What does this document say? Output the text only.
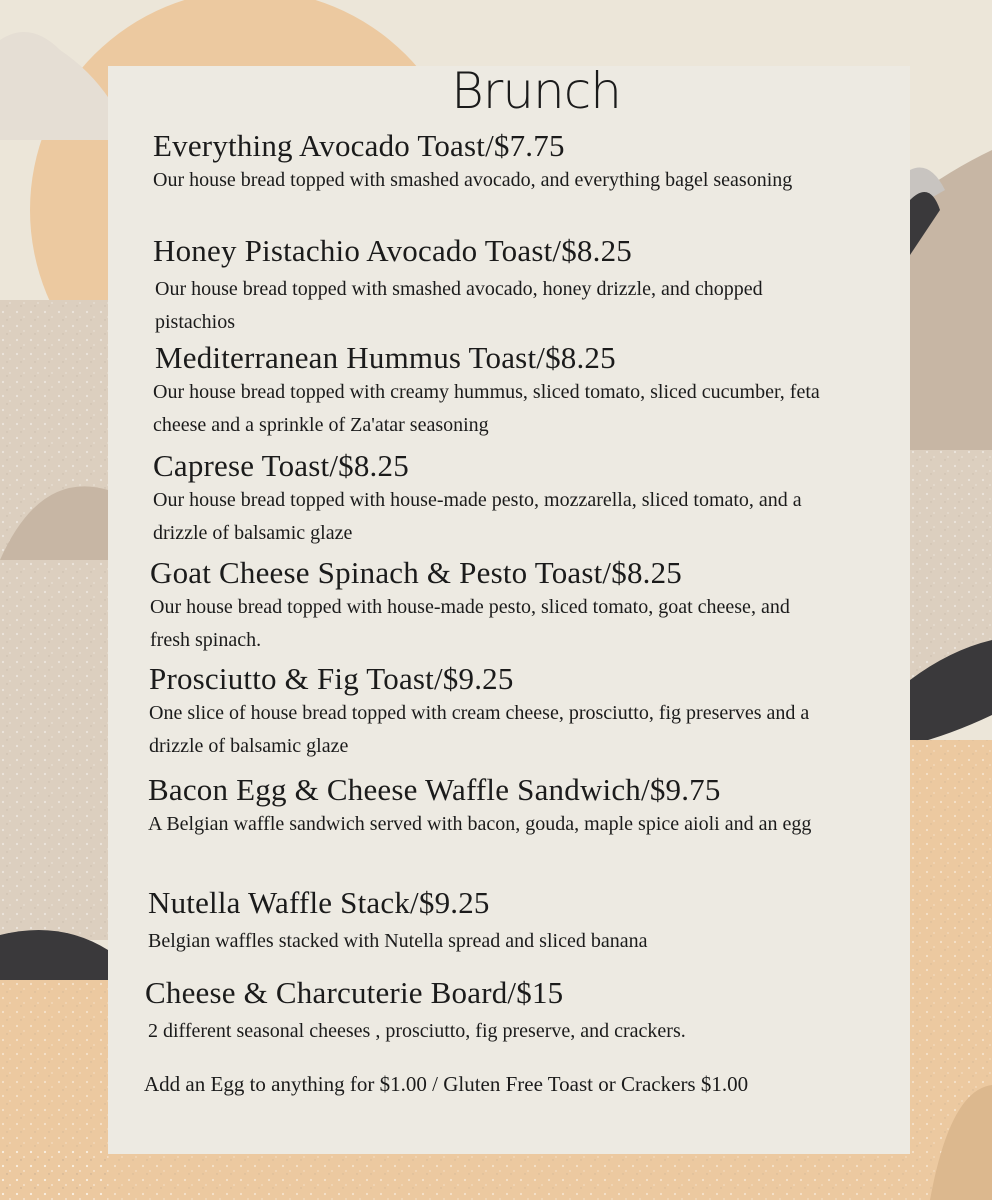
Brunch
Everything Avocado Toast/$7.75
Our house bread topped with smashed avocado, and everything bagel seasoning
Honey Pistachio Avocado Toast/$8.25
Our house bread topped with smashed avocado, honey drizzle, and chopped pistachios
Mediterranean Hummus Toast/$8.25
Our house bread topped with creamy hummus, sliced tomato, sliced cucumber, feta cheese and a sprinkle of Za'atar seasoning
Caprese Toast/$8.25
Our house bread topped with house-made pesto, mozzarella, sliced tomato, and a drizzle of balsamic glaze
Goat Cheese Spinach & Pesto Toast/$8.25
Our house bread topped with house-made pesto, sliced tomato, goat cheese, and fresh spinach.
Prosciutto & Fig Toast/$9.25
One slice of house bread topped with cream cheese, prosciutto, fig preserves and a drizzle of balsamic glaze
Bacon Egg & Cheese Waffle Sandwich/$9.75
A Belgian waffle sandwich served with bacon, gouda, maple spice aioli and an egg
Nutella Waffle Stack/$9.25
Belgian waffles stacked with Nutella spread and sliced banana
Cheese & Charcuterie Board/$15
2 different seasonal cheeses , prosciutto, fig preserve, and crackers.
Add an Egg to anything for $1.00 / Gluten Free Toast or Crackers $1.00
